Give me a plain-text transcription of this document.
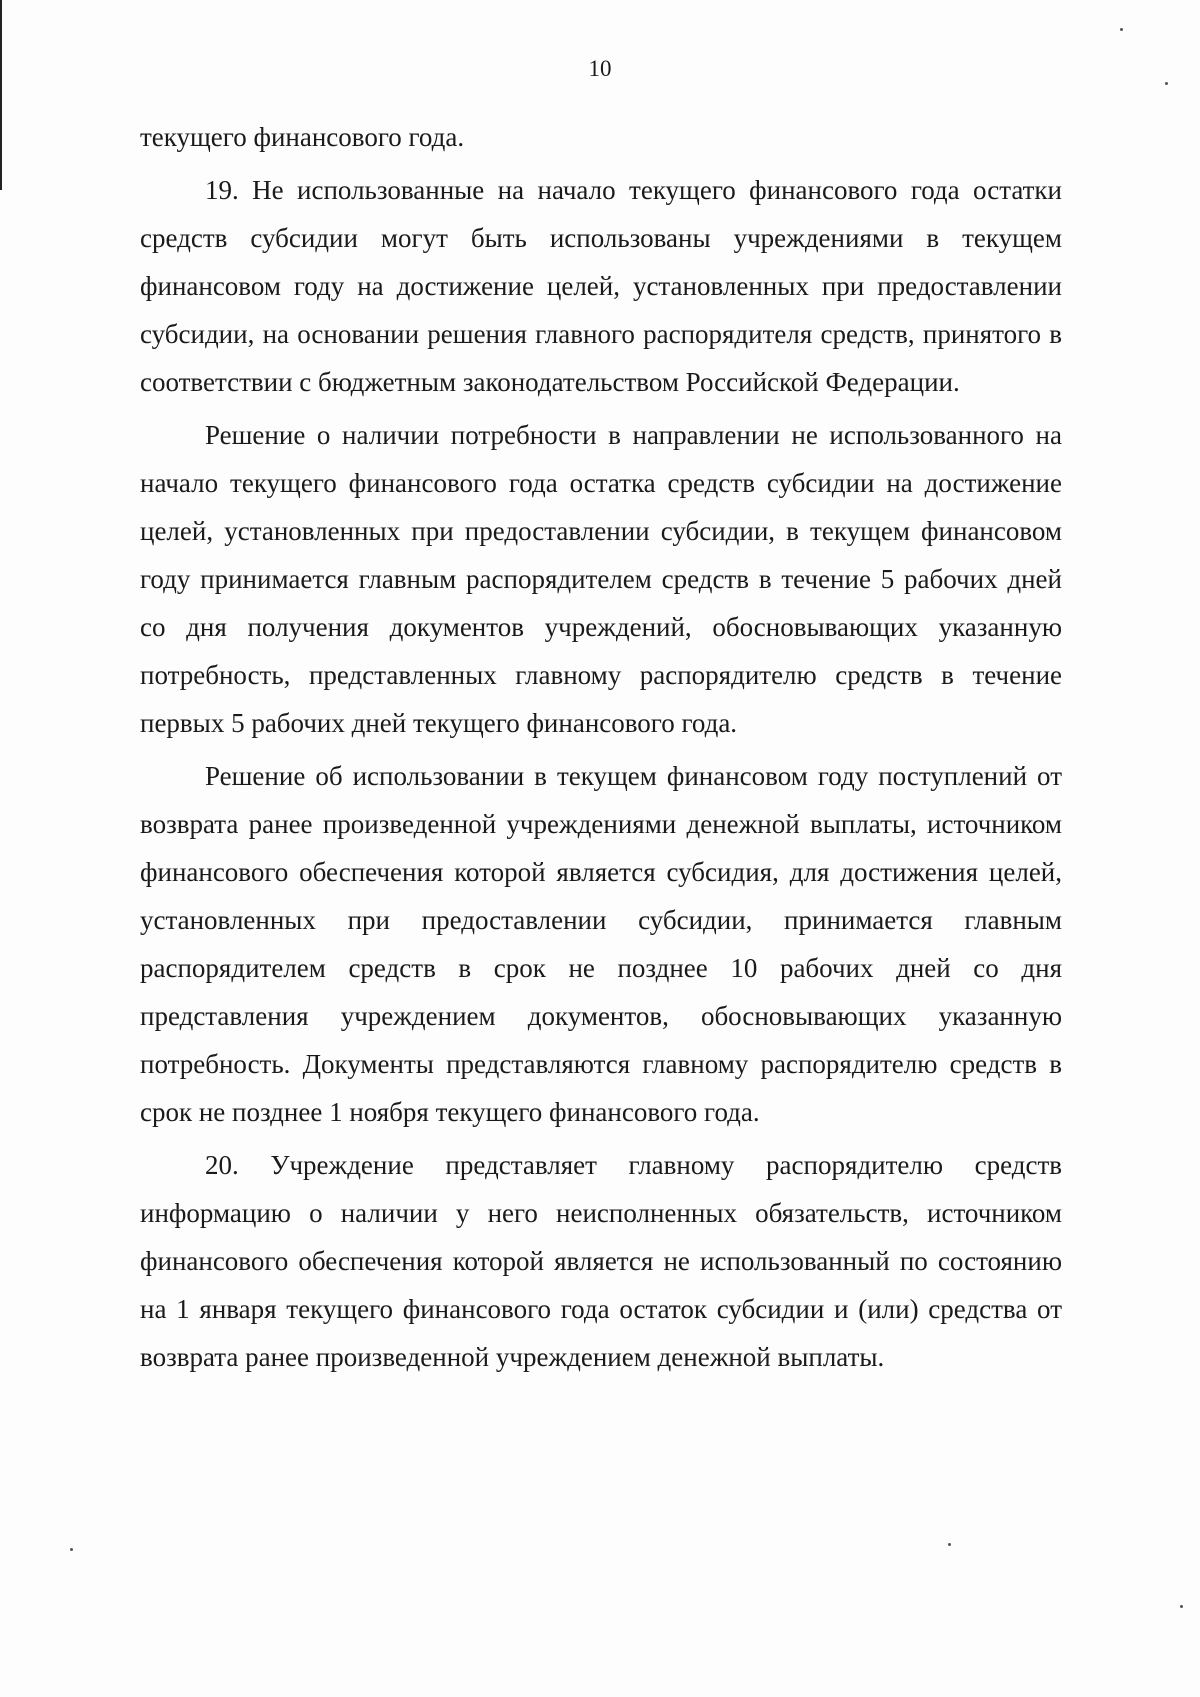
10

текущего финансового года.

19. Не использованные на начало текущего финансового года остатки средств субсидии могут быть использованы учреждениями в текущем финансовом году на достижение целей, установленных при предоставлении субсидии, на основании решения главного распорядителя средств, принятого в соответствии с бюджетным законодательством Российской Федерации.

Решение о наличии потребности в направлении не использованного на начало текущего финансового года остатка средств субсидии на достижение целей, установленных при предоставлении субсидии, в текущем финансовом году принимается главным распорядителем средств в течение 5 рабочих дней со дня получения документов учреждений, обосновывающих указанную потребность, представленных главному распорядителю средств в течение первых 5 рабочих дней текущего финансового года.

Решение об использовании в текущем финансовом году поступлений от возврата ранее произведенной учреждениями денежной выплаты, источником финансового обеспечения которой является субсидия, для достижения целей, установленных при предоставлении субсидии, принимается главным распорядителем средств в срок не позднее 10 рабочих дней со дня представления учреждением документов, обосновывающих указанную потребность. Документы представляются главному распорядителю средств в срок не позднее 1 ноября текущего финансового года.

20. Учреждение представляет главному распорядителю средств информацию о наличии у него неисполненных обязательств, источником финансового обеспечения которой является не использованный по состоянию на 1 января текущего финансового года остаток субсидии и (или) средства от возврата ранее произведенной учреждением денежной выплаты.
